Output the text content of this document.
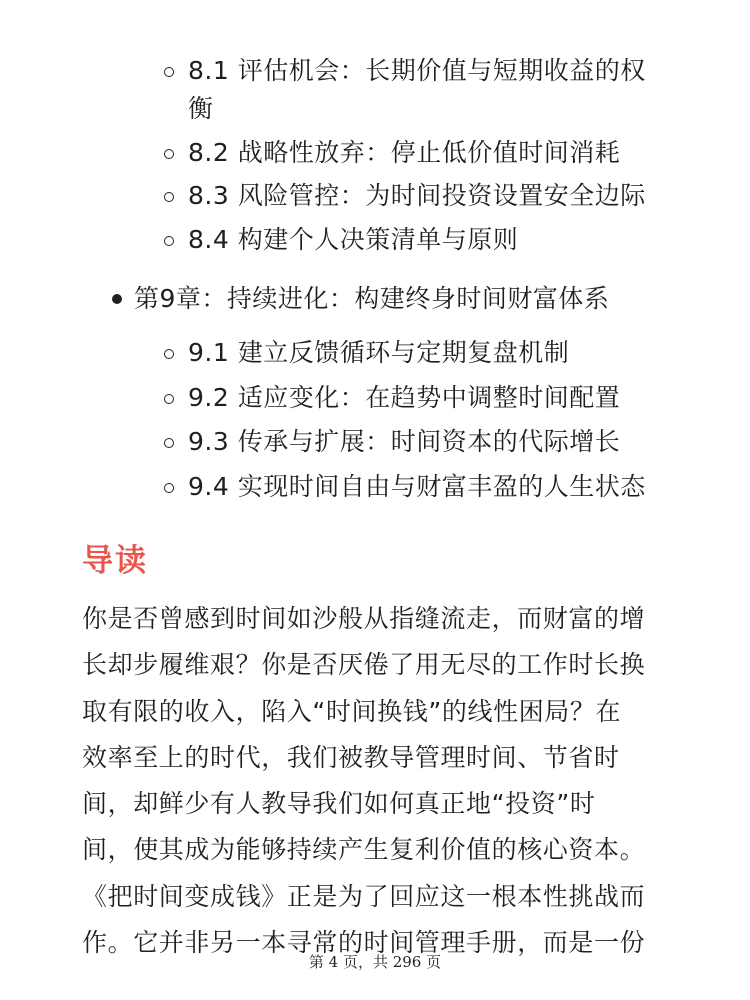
8.1 评估机会：长期价值与短期收益的权
衡
8.2 战略性放弃：停止低价值时间消耗
8.3 风险管控：为时间投资设置安全边际
8.4 构建个人决策清单与原则
第9章：持续进化：构建终身时间财富体系
9.1 建立反馈循环与定期复盘机制
9.2 适应变化：在趋势中调整时间配置
9.3 传承与扩展：时间资本的代际增长
9.4 实现时间自由与财富丰盈的人生状态
导读
你是否曾感到时间如沙般从指缝流走，而财富的增
长却步履维艰？你是否厌倦了用无尽的工作时长换
取有限的收入，陷入“时间换钱”的线性困局？在
效率至上的时代，我们被教导管理时间、节省时
间，却鲜少有人教导我们如何真正地“投资”时
间，使其成为能够持续产生复利价值的核心资本。
《把时间变成钱》正是为了回应这一根本性挑战而
作。它并非另一本寻常的时间管理手册，而是一份
第 4 页，共 296 页
